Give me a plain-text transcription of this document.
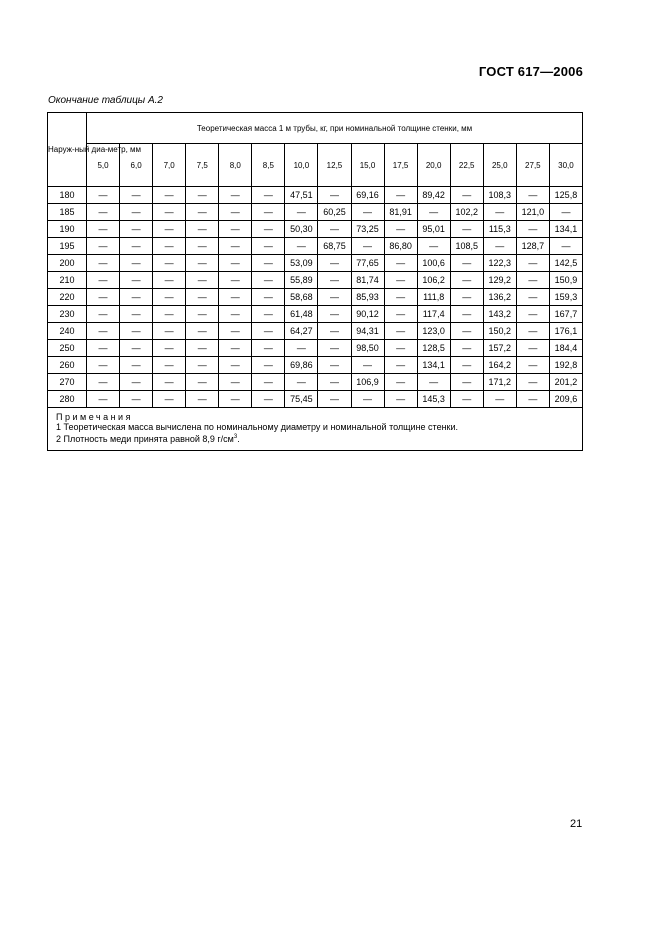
ГОСТ 617—2006
Окончание таблицы А.2
Наруж-ный диа-метр, мм	Теоретическая масса 1 м трубы, кг, при номинальной толщине стенки, мм														
	5,0	6,0	7,0	7,5	8,0	8,5	10,0	12,5	15,0	17,5	20,0	22,5	25,0	27,5	30,0
180	—	—	—	—	—	—	47,51	—	69,16	—	89,42	—	108,3	—	125,8
185	—	—	—	—	—	—	—	60,25	—	81,91	—	102,2	—	121,0	—
190	—	—	—	—	—	—	50,30	—	73,25	—	95,01	—	115,3	—	134,1
195	—	—	—	—	—	—	—	68,75	—	86,80	—	108,5	—	128,7	—
200	—	—	—	—	—	—	53,09	—	77,65	—	100,6	—	122,3	—	142,5
210	—	—	—	—	—	—	55,89	—	81,74	—	106,2	—	129,2	—	150,9
220	—	—	—	—	—	—	58,68	—	85,93	—	111,8	—	136,2	—	159,3
230	—	—	—	—	—	—	61,48	—	90,12	—	117,4	—	143,2	—	167,7
240	—	—	—	—	—	—	64,27	—	94,31	—	123,0	—	150,2	—	176,1
250	—	—	—	—	—	—	—	—	98,50	—	128,5	—	157,2	—	184,4
260	—	—	—	—	—	—	69,86	—	—	—	134,1	—	164,2	—	192,8
270	—	—	—	—	—	—	—	—	106,9	—	—	—	171,2	—	201,2
280	—	—	—	—	—	—	75,45	—	—	—	145,3	—	—	—	209,6

Примечания
1 Теоретическая масса вычислена по номинальному диаметру и номинальной толщине стенки.
2 Плотность меди принята равной 8,9 $г/см^3$.															
21
